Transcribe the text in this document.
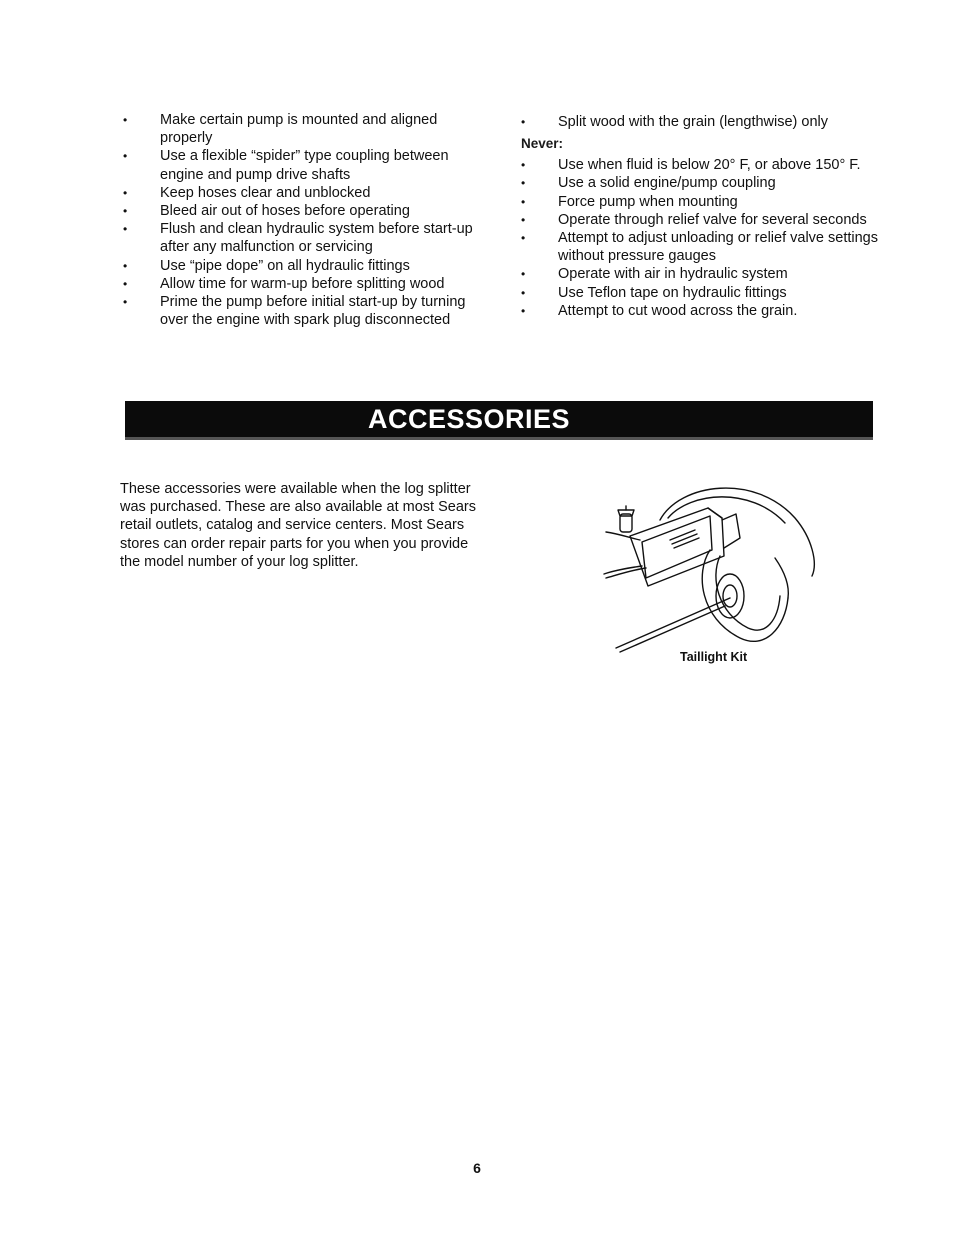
• Make certain pump is mounted and aligned properly
• Use a flexible “spider” type coupling between engine and pump drive shafts
• Keep hoses clear and unblocked
• Bleed air out of hoses before operating
• Flush and clean hydraulic system before start-up after any malfunction or servicing
• Use “pipe dope” on all hydraulic fittings
• Allow time for warm-up before splitting wood
• Prime the pump before initial start-up by turning over the engine with spark plug disconnected
• Split wood with the grain (lengthwise) only
Never:
• Use when fluid is below 20° F, or above 150° F.
• Use a solid engine/pump coupling
• Force pump when mounting
• Operate through relief valve for several seconds
• Attempt to adjust unloading or relief valve settings without pressure gauges
• Operate with air in hydraulic system
• Use Teflon tape on hydraulic fittings
• Attempt to cut wood across the grain.
ACCESSORIES

These accessories were available when the log splitter was purchased. These are also available at most Sears retail outlets, catalog and service centers. Most Sears stores can order repair parts for you when you provide the model number of your log splitter.

Taillight Kit
6
